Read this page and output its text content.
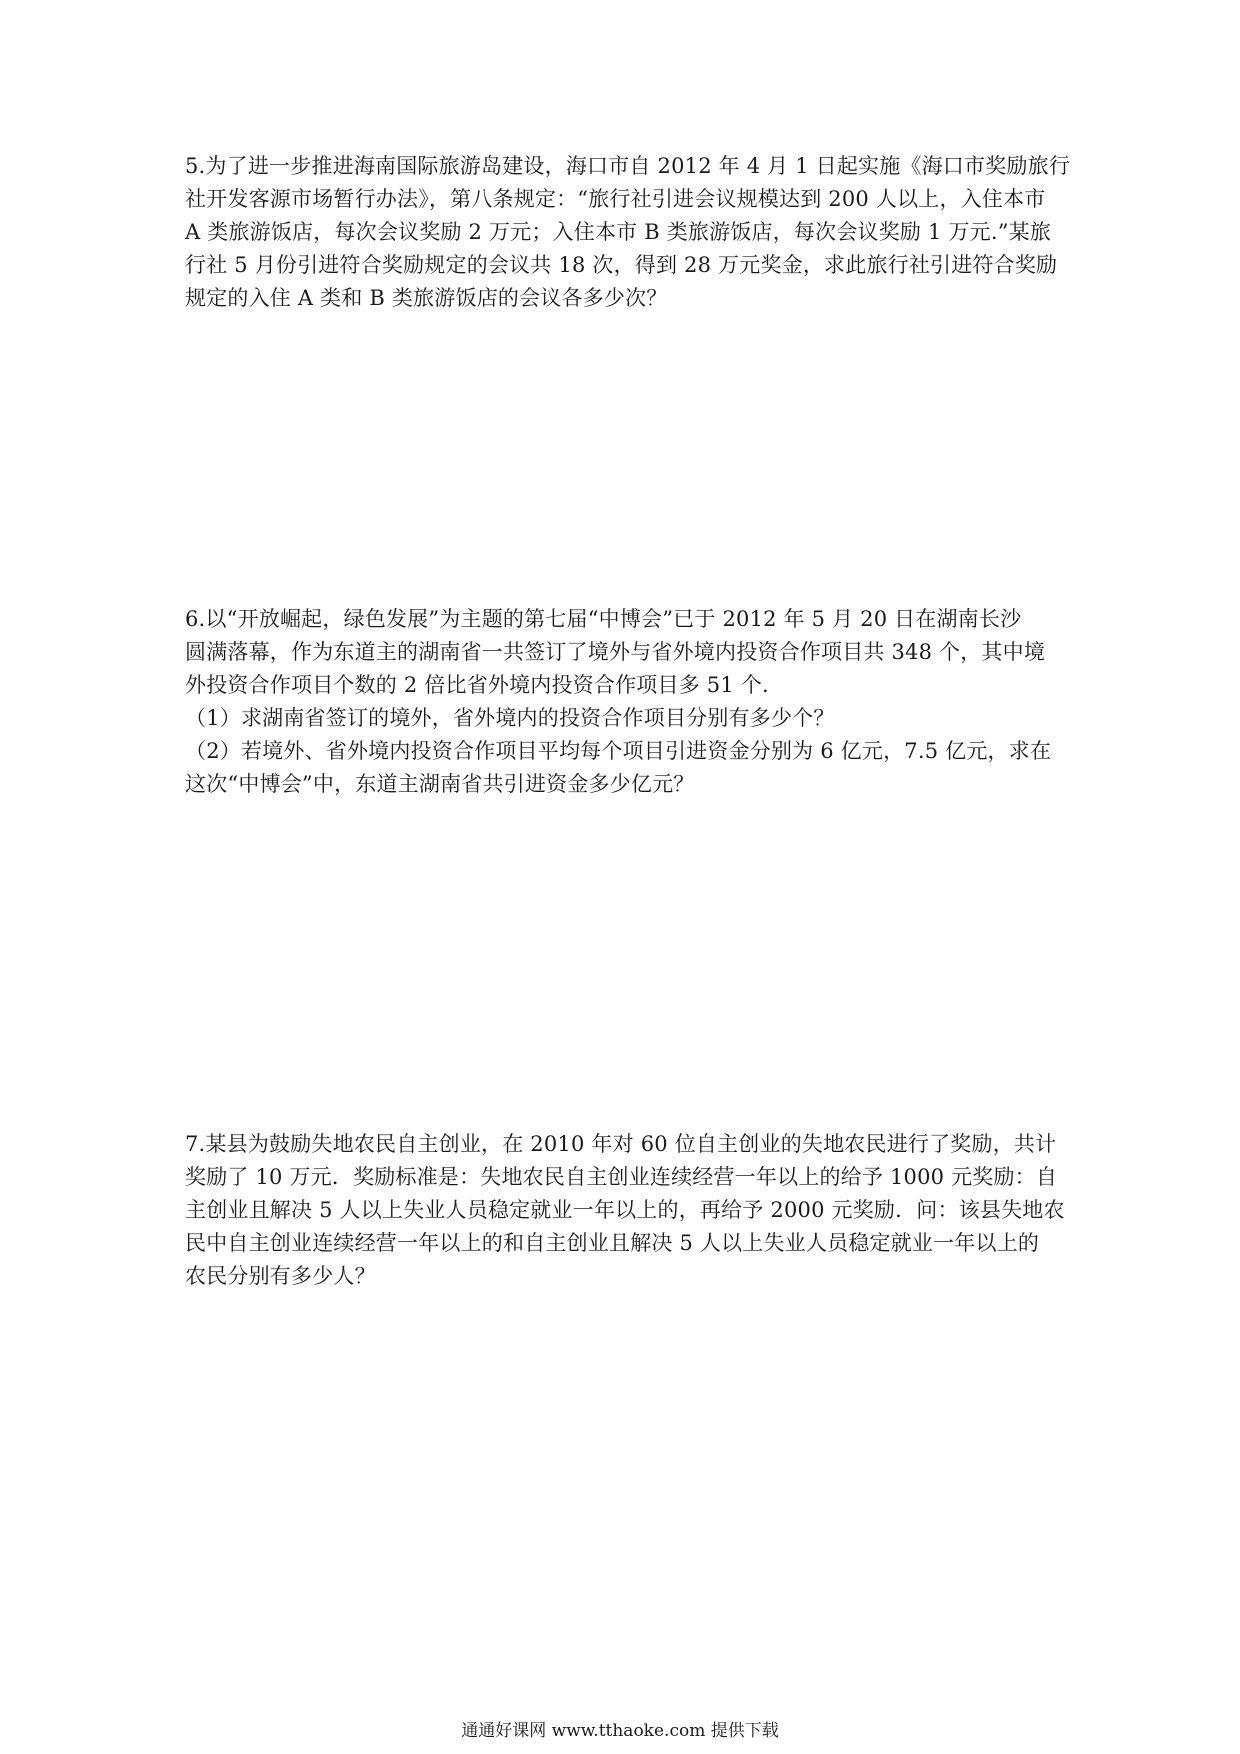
5.为了进一步推进海南国际旅游岛建设，海口市自 2012 年 4 月 1 日起实施《海口市奖励旅行
社开发客源市场暂行办法》，第八条规定：“旅行社引进会议规模达到 200 人以上，入住本市
A 类旅游饭店，每次会议奖励 2 万元；入住本市 B 类旅游饭店，每次会议奖励 1 万元.”某旅
行社 5 月份引进符合奖励规定的会议共 18 次，得到 28 万元奖金，求此旅行社引进符合奖励
规定的入住 A 类和 B 类旅游饭店的会议各多少次？
6.以“开放崛起，绿色发展”为主题的第七届“中博会”已于 2012 年 5 月 20 日在湖南长沙
圆满落幕，作为东道主的湖南省一共签订了境外与省外境内投资合作项目共 348 个，其中境
外投资合作项目个数的 2 倍比省外境内投资合作项目多 51 个.
（1）求湖南省签订的境外，省外境内的投资合作项目分别有多少个？
（2）若境外、省外境内投资合作项目平均每个项目引进资金分别为 6 亿元，7.5 亿元，求在
这次“中博会”中，东道主湖南省共引进资金多少亿元？
7.某县为鼓励失地农民自主创业，在 2010 年对 60 位自主创业的失地农民进行了奖励，共计
奖励了 10 万元．奖励标准是：失地农民自主创业连续经营一年以上的给予 1000 元奖励：自
主创业且解决 5 人以上失业人员稳定就业一年以上的，再给予 2000 元奖励．问：该县失地农
民中自主创业连续经营一年以上的和自主创业且解决 5 人以上失业人员稳定就业一年以上的
农民分别有多少人？
通通好课网 www.tthaoke.com 提供下载
